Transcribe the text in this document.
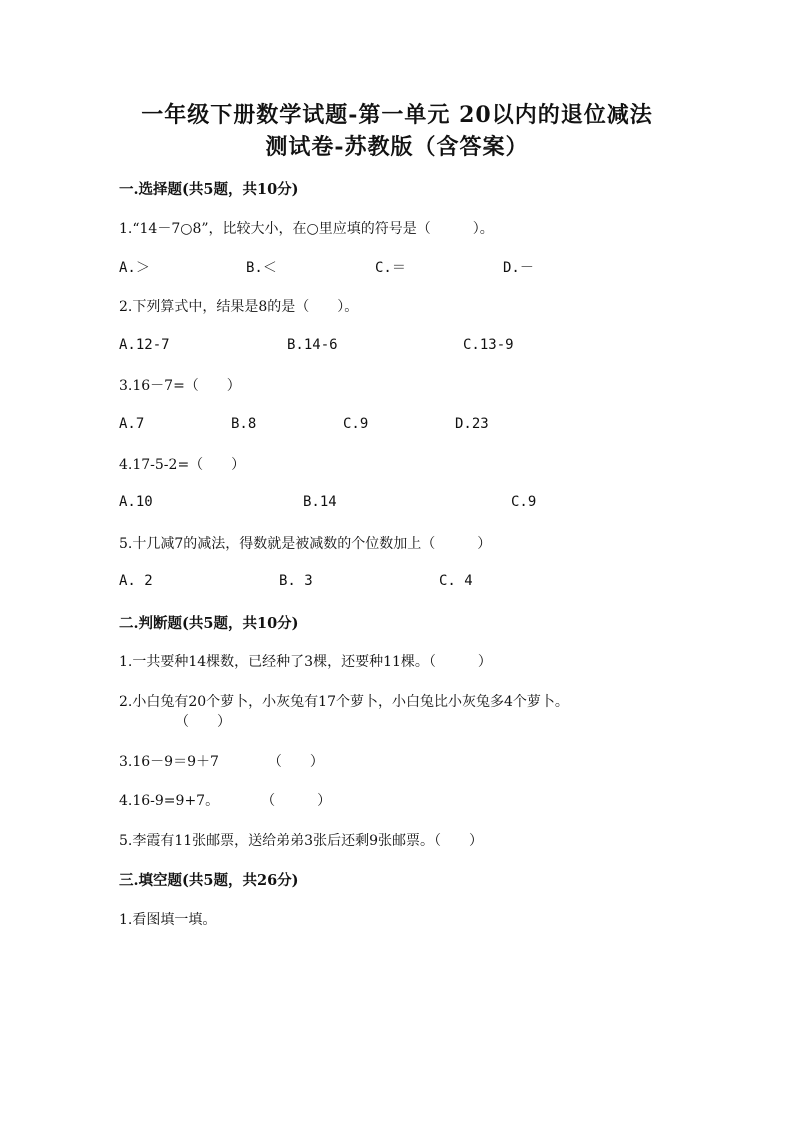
一年级下册数学试题-第一单元 20以内的退位减法
测试卷-苏教版（含答案）
一.选择题(共5题，共10分)
1.“14－7○8”，比较大小，在○里应填的符号是（　　　）。
A.＞	B.＜	C.＝	D.－
2.下列算式中，结果是8的是（　　）。
A.12-7	B.14-6	C.13-9
3.16－7=（　　）
A.7	B.8	C.9	D.23
4.17-5-2=（　　）
A.10	B.14	C.9
5.十几减7的减法，得数就是被减数的个位数加上（　　　）
A. 2	B. 3	C. 4
二.判断题(共5题，共10分)
1.一共要种14棵数，已经种了3棵，还要种11棵。（　　　）
2.小白兔有20个萝卜，小灰兔有17个萝卜，小白兔比小灰兔多4个萝卜。
（　　）
3.16－9＝9＋7　　　　（　　）
4.16-9=9+7。　　　　（　　　）
5.李霞有11张邮票，送给弟弟3张后还剩9张邮票。（　　）
三.填空题(共5题，共26分)
1.看图填一填。
